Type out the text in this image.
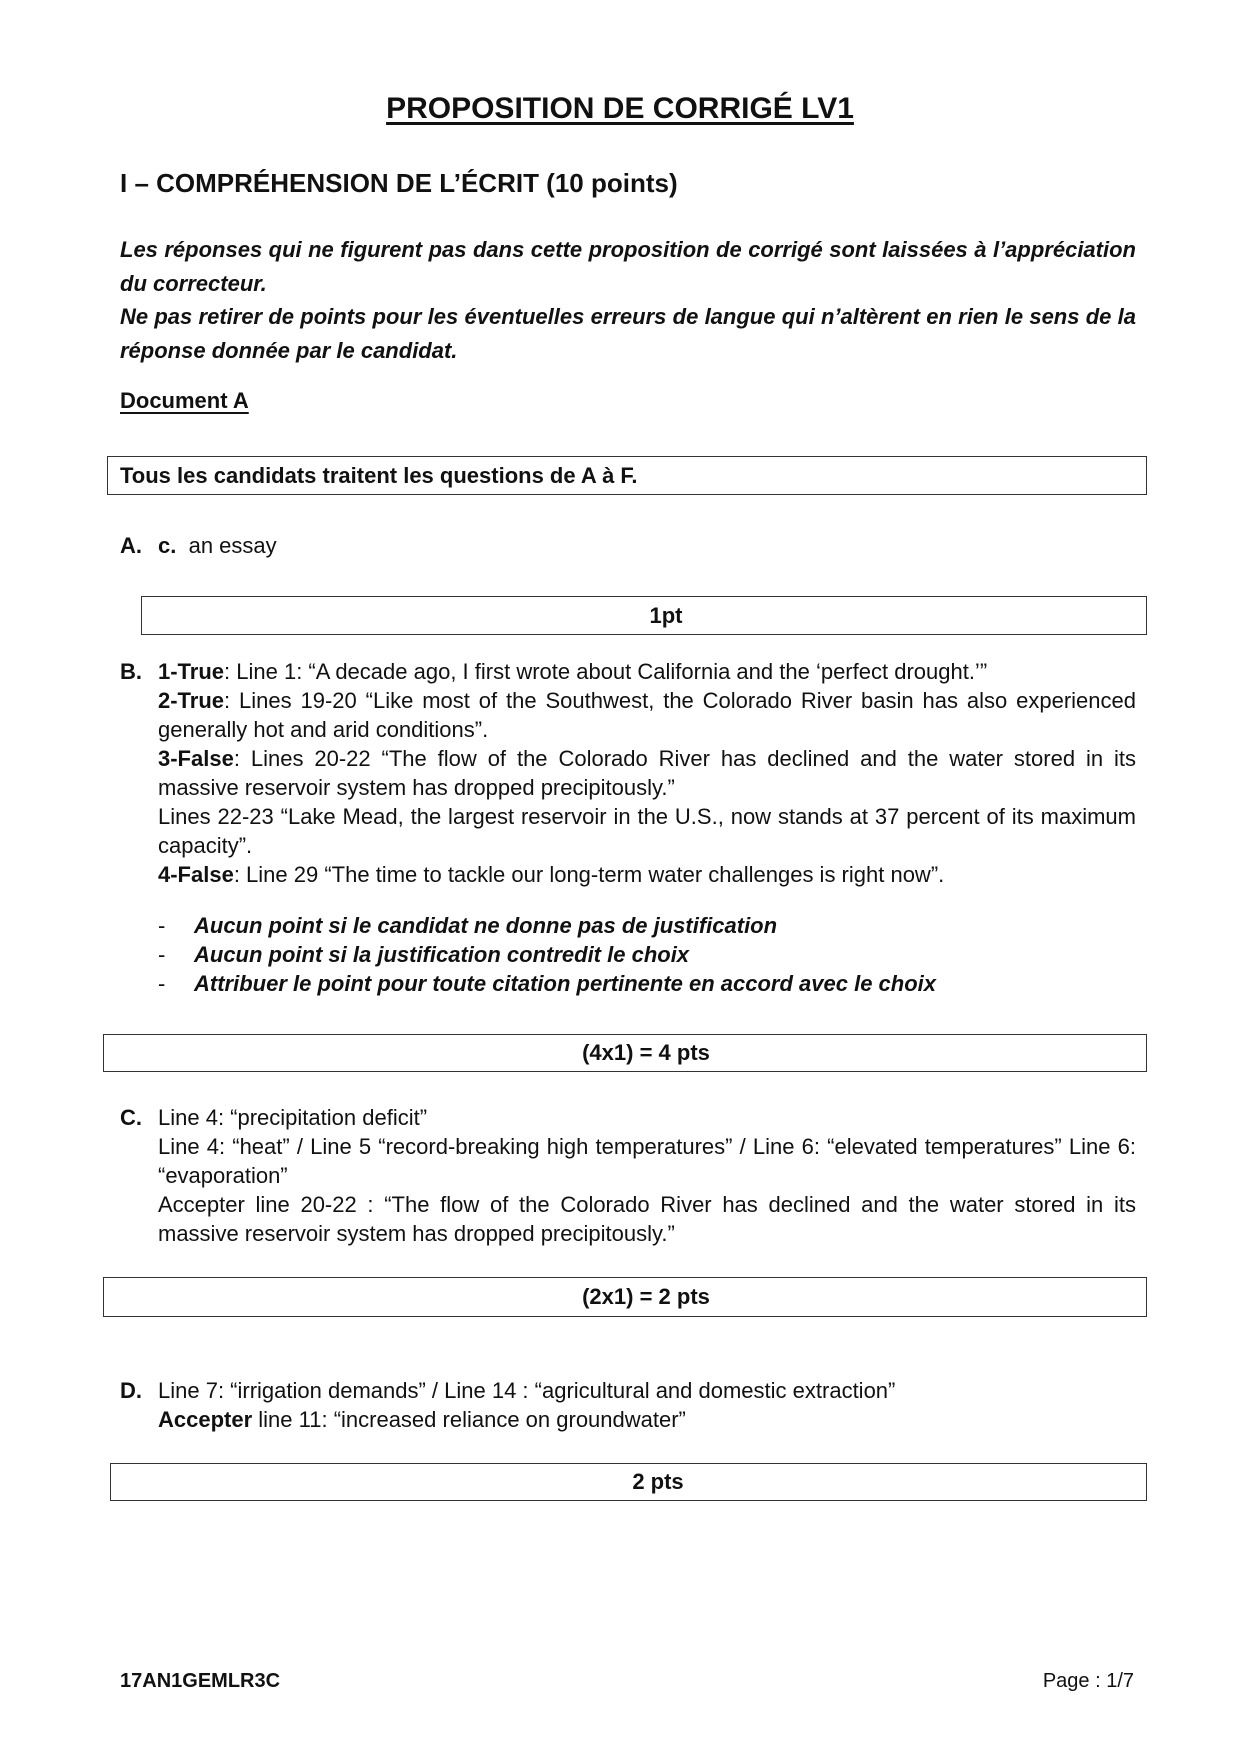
PROPOSITION DE CORRIGÉ LV1
I – COMPRÉHENSION DE L’ÉCRIT (10 points)

Les réponses qui ne figurent pas dans cette proposition de corrigé sont laissées à l’appréciation du correcteur.

Ne pas retirer de points pour les éventuelles erreurs de langue qui n’altèrent en rien le sens de la réponse donnée par le candidat.

Document A
Tous les candidats traitent les questions de A à F.
A. c. an essay
1pt
B. 1-True: Line 1: “A decade ago, I first wrote about California and the ‘perfect drought.’”

2-True: Lines 19-20 “Like most of the Southwest, the Colorado River basin has also experienced generally hot and arid conditions”.

3-False: Lines 20-22 “The flow of the Colorado River has declined and the water stored in its massive reservoir system has dropped precipitously.”

Lines 22-23 “Lake Mead, the largest reservoir in the U.S., now stands at 37 percent of its maximum capacity”.

4-False: Line 29 “The time to tackle our long-term water challenges is right now”.

- Aucun point si le candidat ne donne pas de justification
- Aucun point si la justification contredit le choix
- Attribuer le point pour toute citation pertinente en accord avec le choix
(4x1) = 4 pts
C. Line 4: “precipitation deficit”

Line 4: “heat” / Line 5 “record-breaking high temperatures” / Line 6: “elevated temperatures” Line 6: “evaporation”

Accepter line 20-22 : “The flow of the Colorado River has declined and the water stored in its massive reservoir system has dropped precipitously.”

(2x1) = 2 pts
D. Line 7: “irrigation demands” / Line 14 : “agricultural and domestic extraction”

Accepter line 11: “increased reliance on groundwater”

2 pts
17AN1GEMLR3C	Page : 1/7
